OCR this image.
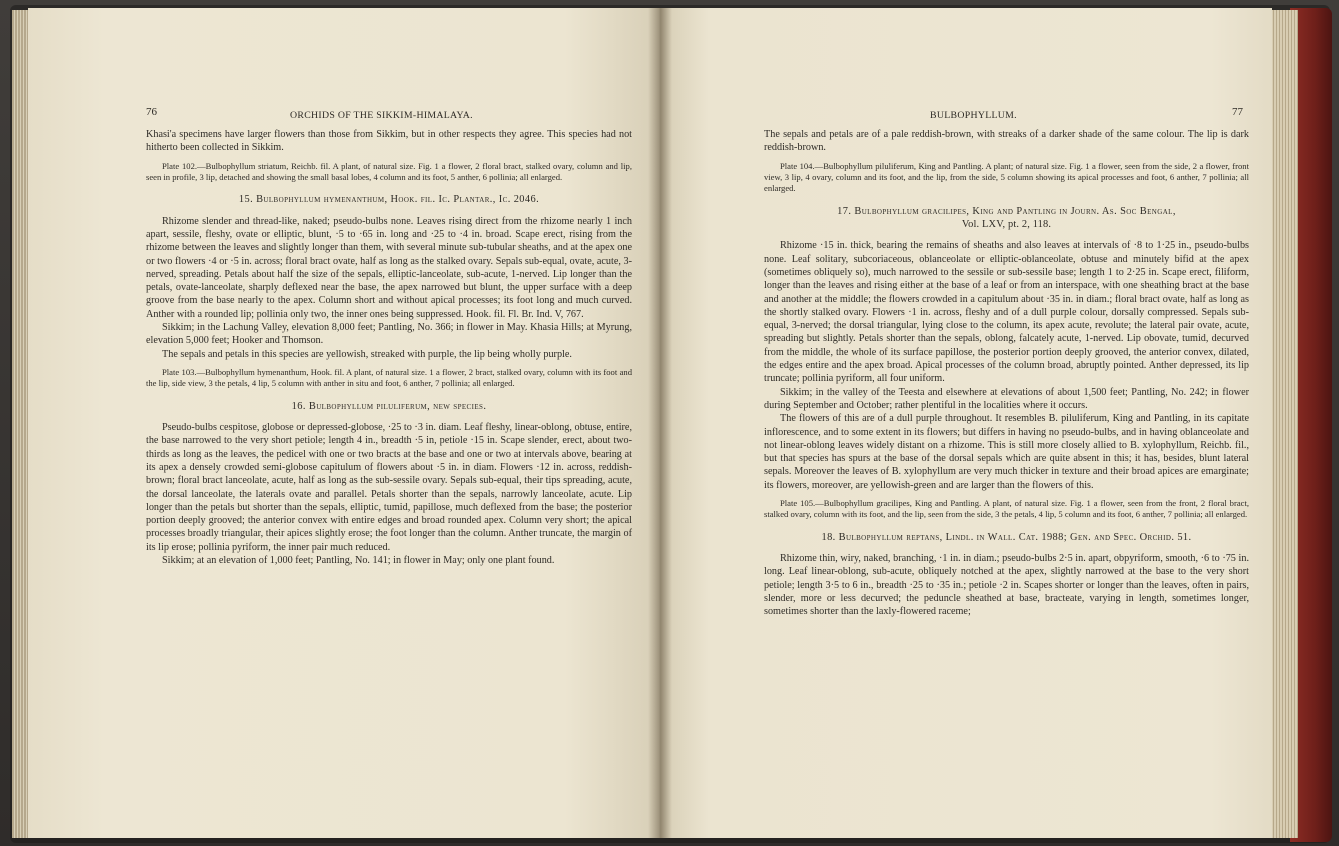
76	ORCHIDS OF THE SIKKIM-HIMALAYA.

Khasi'a specimens have larger flowers than those from Sikkim, but in other respects they agree. This species had not hitherto been collected in Sikkim.

Plate 102.—Bulbophyllum striatum, Reichb. fil. A plant, of natural size. Fig. 1 a flower, 2 floral bract, stalked ovary, column and lip, seen in profile, 3 lip, detached and showing the small basal lobes, 4 column and its foot, 5 anther, 6 pollinia; all enlarged.

15. Bulbophyllum hymenanthum, Hook. fil. Ic. Plantar., Ic. 2046.

Rhizome slender and thread-like, naked; pseudo-bulbs none. Leaves rising direct from the rhizome nearly 1 inch apart, sessile, fleshy, ovate or elliptic, blunt, ·5 to ·65 in. long and ·25 to ·4 in. broad. Scape erect, rising from the rhizome between the leaves and slightly longer than them, with several minute sub-tubular sheaths, and at the apex one or two flowers ·4 or ·5 in. across; floral bract ovate, half as long as the stalked ovary. Sepals sub-equal, ovate, acute, 3-nerved, spreading. Petals about half the size of the sepals, elliptic-lanceolate, sub-acute, 1-nerved. Lip longer than the petals, ovate-lanceolate, sharply deflexed near the base, the apex narrowed but blunt, the upper surface with a deep groove from the base nearly to the apex. Column short and without apical processes; its foot long and much curved. Anther with a rounded lip; pollinia only two, the inner ones being suppressed. Hook. fil. Fl. Br. Ind. V, 767.

Sikkim; in the Lachung Valley, elevation 8,000 feet; Pantling, No. 366; in flower in May. Khasia Hills; at Myrung, elevation 5,000 feet; Hooker and Thomson.

The sepals and petals in this species are yellowish, streaked with purple, the lip being wholly purple.

Plate 103.—Bulbophyllum hymenanthum, Hook. fil. A plant, of natural size. 1 a flower, 2 bract, stalked ovary, column with its foot and the lip, side view, 3 the petals, 4 lip, 5 column with anther in situ and foot, 6 anther, 7 pollinia; all enlarged.

16. Bulbophyllum piluliferum, new species.

Pseudo-bulbs cespitose, globose or depressed-globose, ·25 to ·3 in. diam. Leaf fleshy, linear-oblong, obtuse, entire, the base narrowed to the very short petiole; length 4 in., breadth ·5 in, petiole ·15 in. Scape slender, erect, about two-thirds as long as the leaves, the pedicel with one or two bracts at the base and one or two at intervals above, bearing at its apex a densely crowded semi-globose capitulum of flowers about ·5 in. in diam. Flowers ·12 in. across, reddish-brown; floral bract lanceolate, acute, half as long as the sub-sessile ovary. Sepals sub-equal, their tips spreading, acute, the dorsal lanceolate, the laterals ovate and parallel. Petals shorter than the sepals, narrowly lanceolate, acute. Lip longer than the petals but shorter than the sepals, elliptic, tumid, papillose, much deflexed from the base; the posterior portion deeply grooved; the anterior convex with entire edges and broad rounded apex. Column very short; the apical processes broadly triangular, their apices slightly erose; the foot longer than the column. Anther truncate, the margin of its lip erose; pollinia pyriform, the inner pair much reduced.

Sikkim; at an elevation of 1,000 feet; Pantling, No. 141; in flower in May; only one plant found.

BULBOPHYLLUM.	77

The sepals and petals are of a pale reddish-brown, with streaks of a darker shade of the same colour. The lip is dark reddish-brown.

Plate 104.—Bulbophyllum piluliferum, King and Pantling. A plant; of natural size. Fig. 1 a flower, seen from the side, 2 a flower, front view, 3 lip, 4 ovary, column and its foot, and the lip, from the side, 5 column showing its apical processes and foot, 6 anther, 7 pollinia; all enlarged.

17. Bulbophyllum gracilipes, King and Pantling in Journ. As. Soc Bengal,
Vol. LXV, pt. 2, 118.

Rhizome ·15 in. thick, bearing the remains of sheaths and also leaves at intervals of ·8 to 1·25 in., pseudo-bulbs none. Leaf solitary, subcoriaceous, oblanceolate or elliptic-oblanceolate, obtuse and minutely bifid at the apex (sometimes obliquely so), much narrowed to the sessile or sub-sessile base; length 1 to 2·25 in. Scape erect, filiform, longer than the leaves and rising either at the base of a leaf or from an interspace, with one sheathing bract at the base and another at the middle; the flowers crowded in a capitulum about ·35 in. in diam.; floral bract ovate, half as long as the shortly stalked ovary. Flowers ·1 in. across, fleshy and of a dull purple colour, dorsally compressed. Sepals sub-equal, 3-nerved; the dorsal triangular, lying close to the column, its apex acute, revolute; the lateral pair ovate, acute, spreading but slightly. Petals shorter than the sepals, oblong, falcately acute, 1-nerved. Lip obovate, tumid, decurved from the middle, the whole of its surface papillose, the posterior portion deeply grooved, the anterior convex, dilated, the edges entire and the apex broad. Apical processes of the column broad, abruptly pointed. Anther depressed, its lip truncate; pollinia pyriform, all four uniform.

Sikkim; in the valley of the Teesta and elsewhere at elevations of about 1,500 feet; Pantling, No. 242; in flower during September and October; rather plentiful in the localities where it occurs.

The flowers of this are of a dull purple throughout. It resembles B. piluliferum, King and Pantling, in its capitate inflorescence, and to some extent in its flowers; but differs in having no pseudo-bulbs, and in having oblanceolate and not linear-oblong leaves widely distant on a rhizome. This is still more closely allied to B. xylophyllum, Reichb. fil., but that species has spurs at the base of the dorsal sepals which are quite absent in this; it has, besides, blunt lateral sepals. Moreover the leaves of B. xylophyllum are very much thicker in texture and their broad apices are emarginate; its flowers, moreover, are yellowish-green and are larger than the flowers of this.

Plate 105.—Bulbophyllum gracilipes, King and Pantling. A plant, of natural size. Fig. 1 a flower, seen from the front, 2 floral bract, stalked ovary, column with its foot, and the lip, seen from the side, 3 the petals, 4 lip, 5 column and its foot, 6 anther, 7 pollinia; all enlarged.

18. Bulbophyllum reptans, Lindl. in Wall. Cat. 1988; Gen. and Spec. Orchid. 51.

Rhizome thin, wiry, naked, branching, ·1 in. in diam.; pseudo-bulbs 2·5 in. apart, obpyriform, smooth, ·6 to ·75 in. long. Leaf linear-oblong, sub-acute, obliquely notched at the apex, slightly narrowed at the base to the very short petiole; length 3·5 to 6 in., breadth ·25 to ·35 in.; petiole ·2 in. Scapes shorter or longer than the leaves, often in pairs, slender, more or less decurved; the peduncle sheathed at base, bracteate, varying in length, sometimes longer, sometimes shorter than the laxly-flowered raceme;
